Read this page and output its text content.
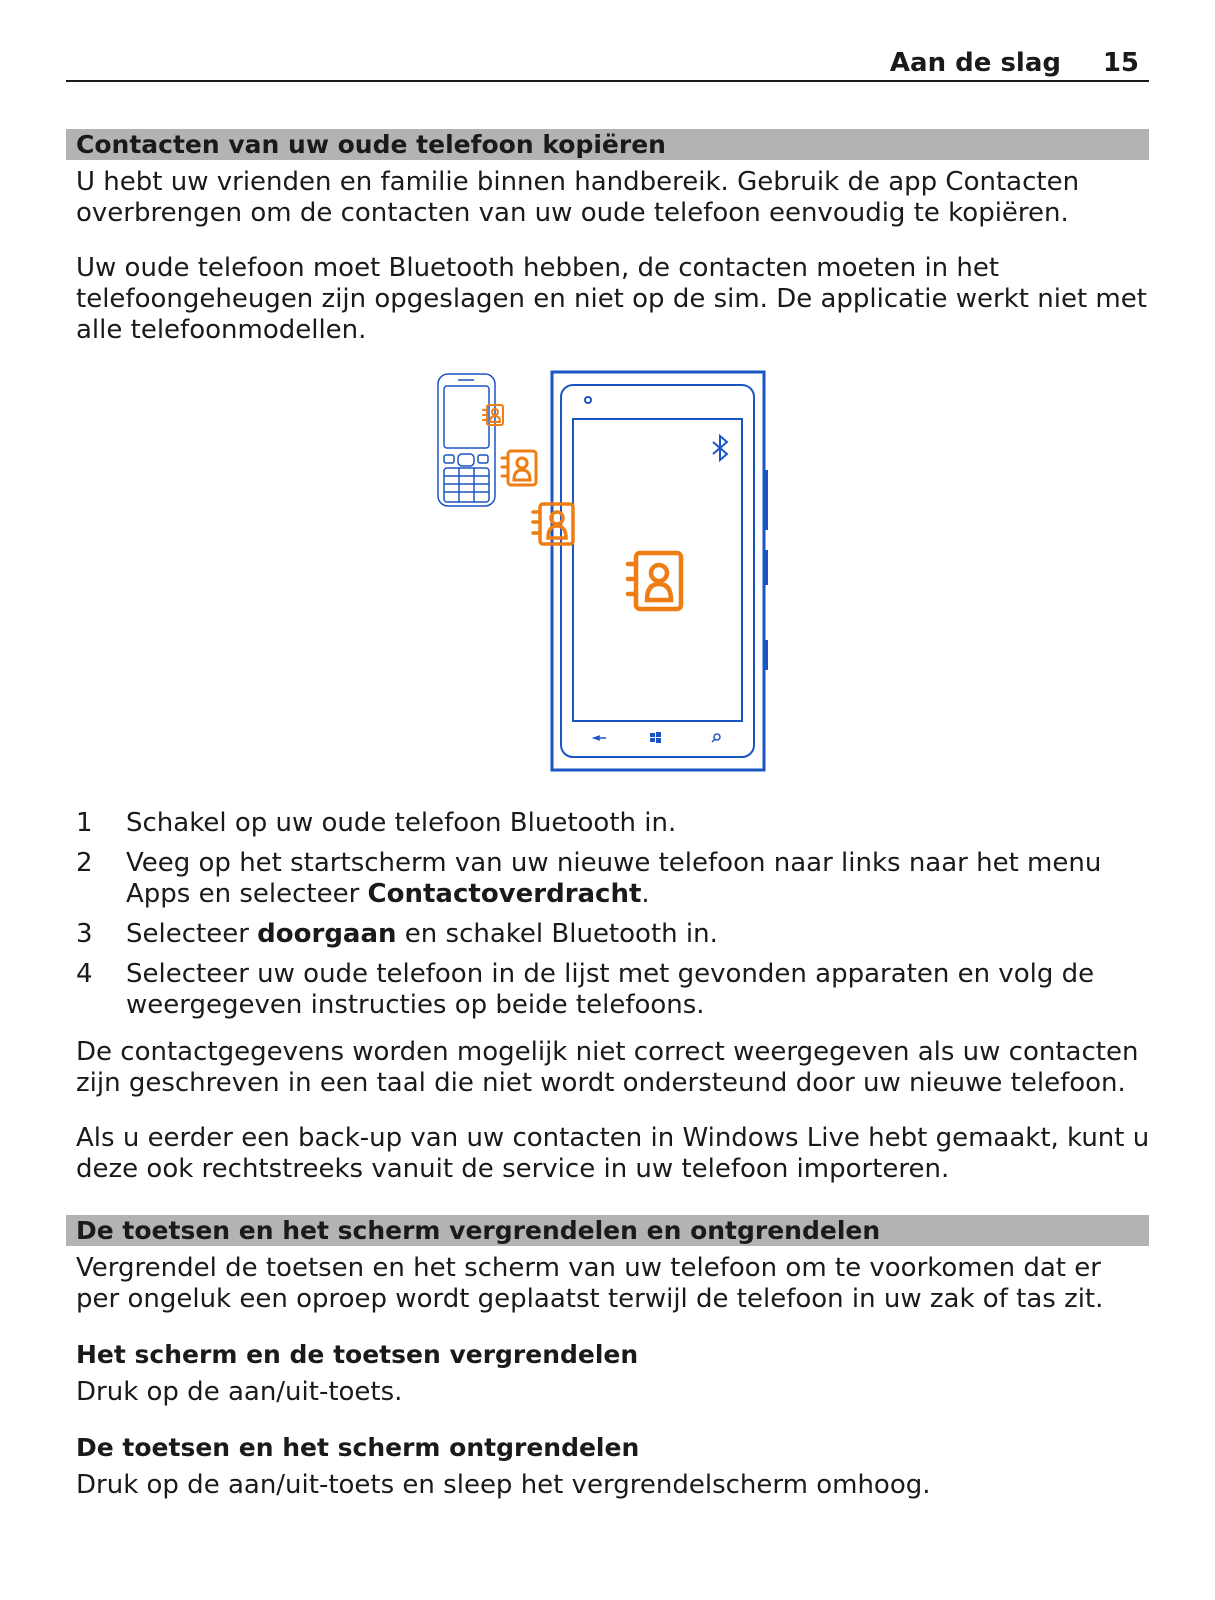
Aan de slag 15
Contacten van uw oude telefoon kopiëren

U hebt uw vrienden en familie binnen handbereik. Gebruik de app Contacten overbrengen om de contacten van uw oude telefoon eenvoudig te kopiëren.

Uw oude telefoon moet Bluetooth hebben, de contacten moeten in het telefoongeheugen zijn opgeslagen en niet op de sim. De applicatie werkt niet met alle telefoonmodellen.

1	Schakel op uw oude telefoon Bluetooth in.
2	Veeg op het startscherm van uw nieuwe telefoon naar links naar het menu Apps en selecteer Contactoverdracht.
3	Selecteer doorgaan en schakel Bluetooth in.
4	Selecteer uw oude telefoon in de lijst met gevonden apparaten en volg de weergegeven instructies op beide telefoons.

De contactgegevens worden mogelijk niet correct weergegeven als uw contacten zijn geschreven in een taal die niet wordt ondersteund door uw nieuwe telefoon.

Als u eerder een back-up van uw contacten in Windows Live hebt gemaakt, kunt u deze ook rechtstreeks vanuit de service in uw telefoon importeren.

De toetsen en het scherm vergrendelen en ontgrendelen

Vergrendel de toetsen en het scherm van uw telefoon om te voorkomen dat er per ongeluk een oproep wordt geplaatst terwijl de telefoon in uw zak of tas zit.

Het scherm en de toetsen vergrendelen

Druk op de aan/uit-toets.

De toetsen en het scherm ontgrendelen

Druk op de aan/uit-toets en sleep het vergrendelscherm omhoog.
